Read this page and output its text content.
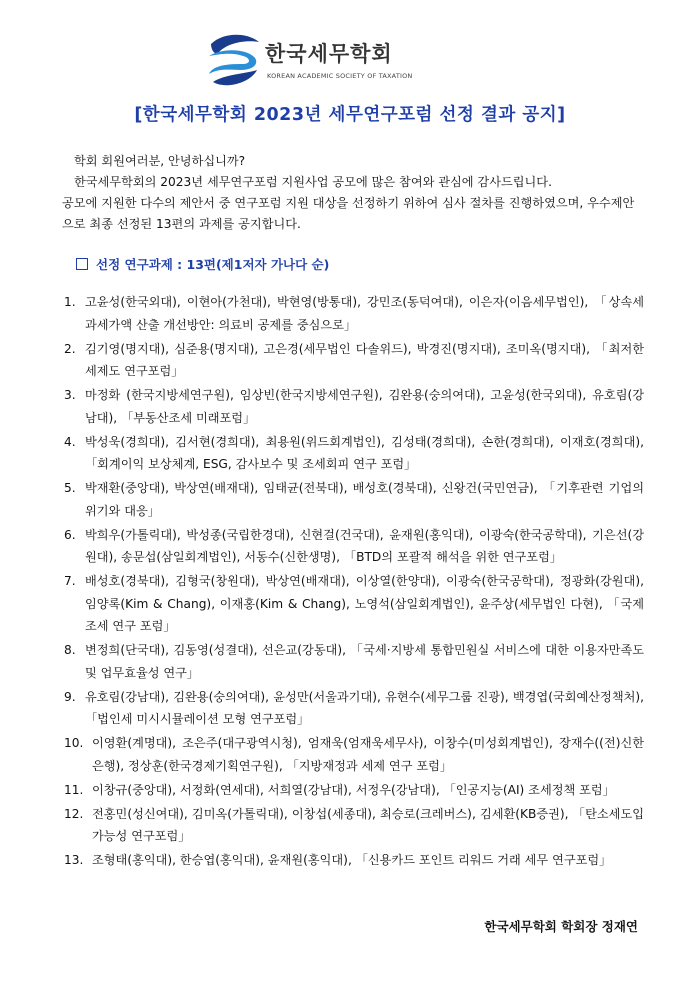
한국세무학회
KOREAN ACADEMIC SOCIETY OF TAXATION
[한국세무학회 2023년 세무연구포럼 선정 결과 공지]

학회 회원여러분, 안녕하십니까?

한국세무학회의 2023년 세무연구포럼 지원사업 공모에 많은 참여와 관심에 감사드립니다.

공모에 지원한 다수의 제안서 중 연구포럼 지원 대상을 선정하기 위하여 심사 절차를 진행하였으며, 우수제안으로 최종 선정된 13편의 과제를 공지합니다.

선정 연구과제 : 13편(제1저자 가나다 순)
1. 고윤성(한국외대), 이현아(가천대), 박현영(방통대), 강민조(동덕여대), 이은자(이음세무법인), 「상속세 과세가액 산출 개선방안: 의료비 공제를 중심으로」
2. 김기영(명지대), 심준용(명지대), 고은경(세무법인 다솔위드), 박경진(명지대), 조미옥(명지대), 「최저한세제도 연구포럼」
3. 마정화 (한국지방세연구원), 임상빈(한국지방세연구원), 김완용(숭의여대), 고윤성(한국외대), 유호림(강남대), 「부동산조세 미래포럼」
4. 박성욱(경희대), 김서현(경희대), 최용원(위드회계법인), 김성태(경희대), 손한(경희대), 이재호(경희대), 「회계이익 보상체계, ESG, 감사보수 및 조세회피 연구 포럼」
5. 박재환(중앙대), 박상연(배재대), 임태균(전북대), 배성호(경북대), 신왕건(국민연금), 「기후관련 기업의 위기와 대응」
6. 박희우(가톨릭대), 박성종(국립한경대), 신현걸(건국대), 윤재원(홍익대), 이광숙(한국공학대), 기은선(강원대), 송문섭(삼일회계법인), 서동수(신한생명), 「BTD의 포괄적 해석을 위한 연구포럼」
7. 배성호(경북대), 김형국(창원대), 박상연(배재대), 이상열(한양대), 이광숙(한국공학대), 정광화(강원대), 임양록(Kim & Chang), 이재홍(Kim & Chang), 노영석(삼일회계법인), 윤주상(세무법인 다현), 「국제 조세 연구 포럼」
8. 변정희(단국대), 김동영(성결대), 선은교(강동대), 「국세·지방세 통합민원실 서비스에 대한 이용자만족도 및 업무효율성 연구」
9. 유호림(강남대), 김완용(숭의여대), 윤성만(서울과기대), 유현수(세무그룹 진광), 백경엽(국회예산정책처), 「법인세 미시시뮬레이션 모형 연구포럼」
10. 이영환(계명대), 조은주(대구광역시청), 엄재욱(엄재욱세무사), 이창수(미성회계법인), 장재수((전)신한은행), 정상훈(한국경제기획연구원), 「지방재정과 세제 연구 포럼」
11. 이창규(중앙대), 서정화(연세대), 서희열(강남대), 서정우(강남대), 「인공지능(AI) 조세정책 포럼」
12. 전홍민(성신여대), 김미옥(가톨릭대), 이창섭(세종대), 최승로(크레버스), 김세환(KB증권), 「탄소세도입가능성 연구포럼」
13. 조형태(홍익대), 한승엽(홍익대), 윤재원(홍익대), 「신용카드 포인트 리워드 거래 세무 연구포럼」
한국세무학회 학회장 정재연
